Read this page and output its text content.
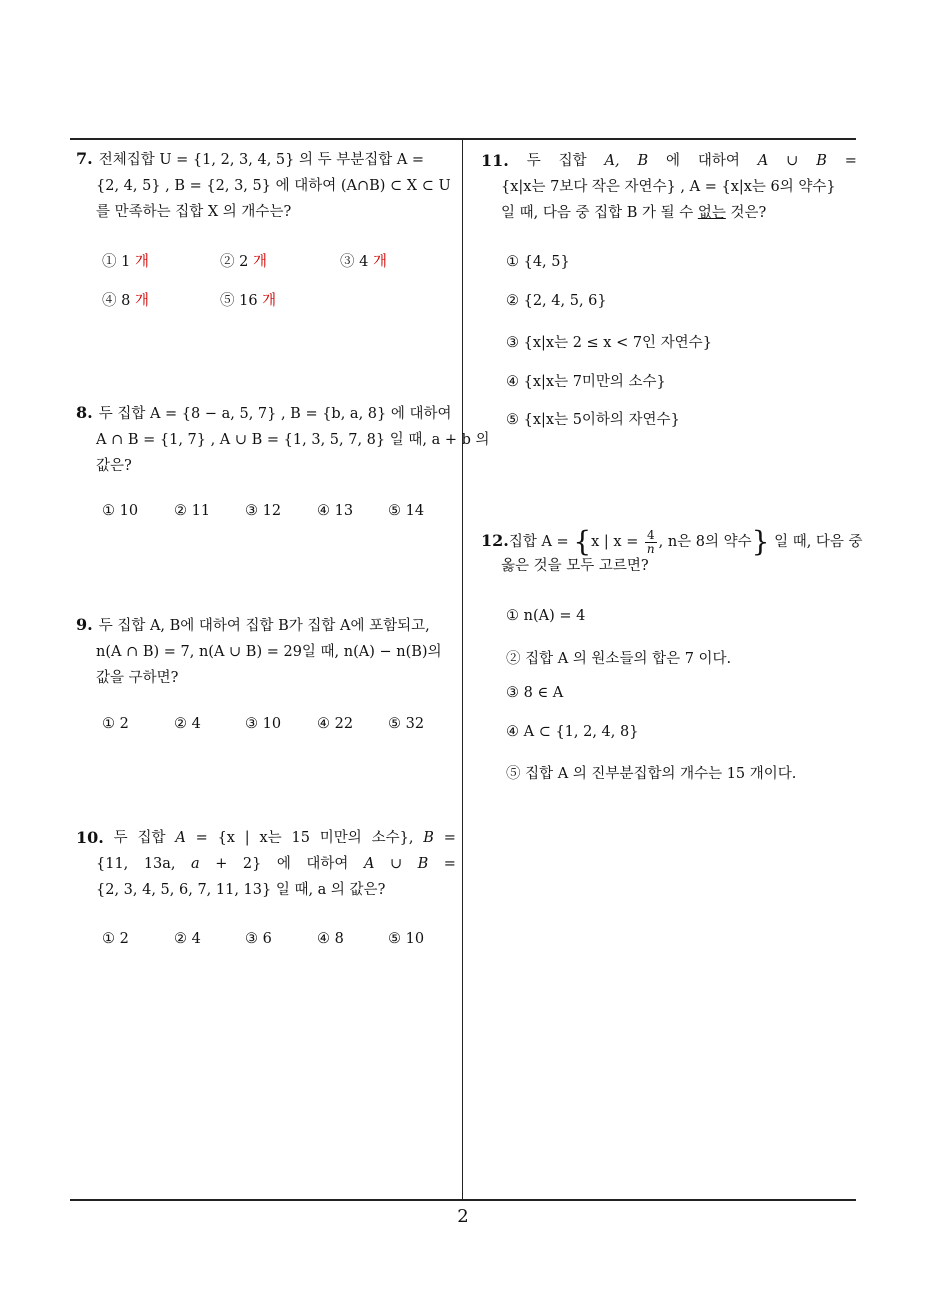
7. 전체집합 U = {1, 2, 3, 4, 5} 의 두 부분집합 A =
{2, 4, 5} , B = {2, 3, 5} 에 대하여 (A∩B) ⊂ X ⊂ U
를 만족하는 집합 X 의 개수는?
① 1 개	② 2 개	③ 4 개
④ 8 개	⑤ 16 개
8. 두 집합 A = {8 − a, 5, 7} , B = {b, a, 8} 에 대하여
A ∩ B = {1, 7} , A ∪ B = {1, 3, 5, 7, 8} 일 때, a + b 의
값은?
① 10 ② 11 ③ 12 ④ 13 ⑤ 14
9. 두 집합 A, B에 대하여 집합 B가 집합 A에 포함되고,
n(A ∩ B) = 7, n(A ∪ B) = 29일 때, n(A) − n(B)의
값을 구하면?
① 2	② 4	③ 10 ④ 22 ⑤ 32
10. 두 집합 A = {x | x는 15 미만의 소수}, B =
{11, 13a, a + 2} 에 대하여 A ∪ B =
{2, 3, 4, 5, 6, 7, 11, 13} 일 때, a 의 값은?
① 2	② 4	③ 6	④ 8	⑤ 10
11. 두 집합 A, B 에 대하여 A ∪ B =
{x|x는 7보다 작은 자연수} , A = {x|x는 6의 약수}
일 때, 다음 중 집합 B 가 될 수 없는 것은?
① {4, 5}
② {2, 4, 5, 6}
③ {x|x는 2 ≤ x < 7인 자연수}
④ {x|x는 7미만의 소수}
⑤ {x|x는 5이하의 자연수}
12.집합 A = {x | $x = \frac{4}{n}$ , n은 8의 약수} 일 때, 다음 중
옳은 것을 모두 고르면?
① n(A) = 4
② 집합 A 의 원소들의 합은 7 이다.
③ 8 ∈ A
④ A ⊂ {1, 2, 4, 8}
⑤ 집합 A 의 진부분집합의 개수는 15 개이다.
2
